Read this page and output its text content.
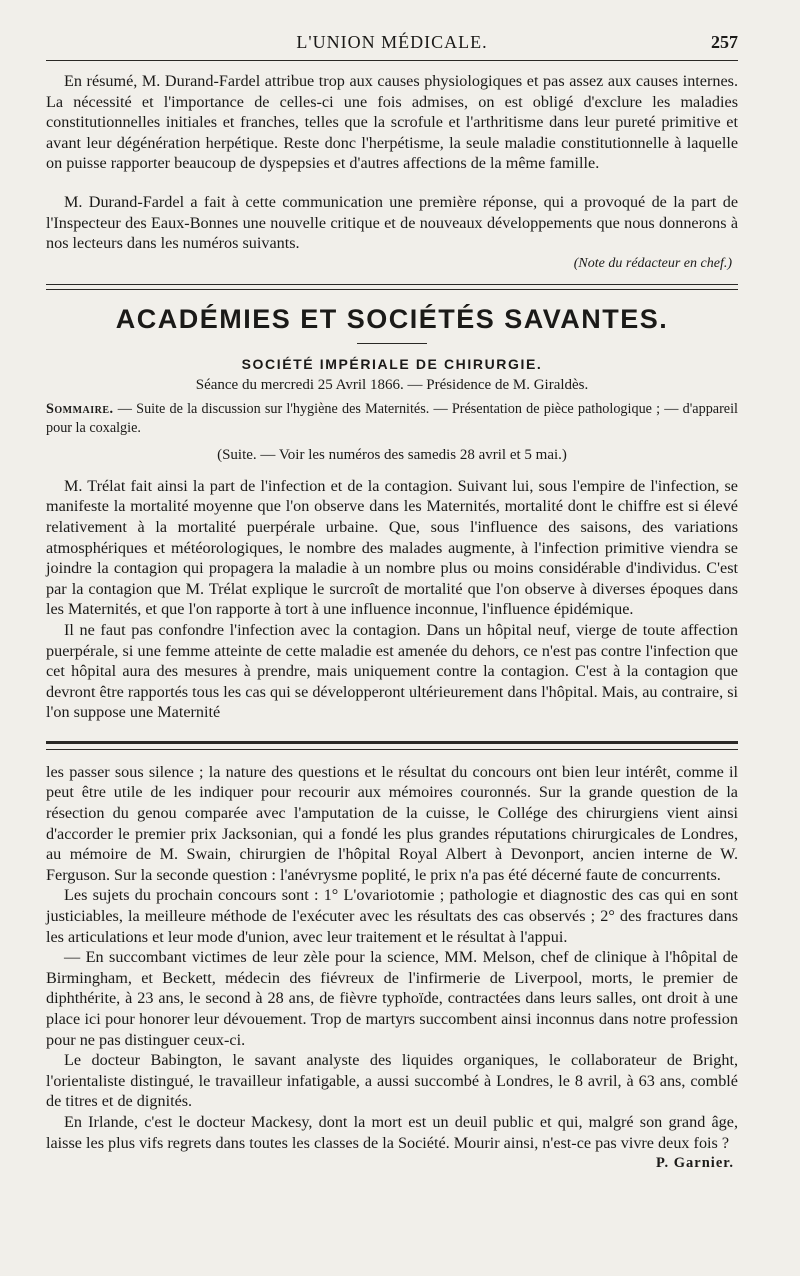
L'UNION MÉDICALE.	257

En résumé, M. Durand-Fardel attribue trop aux causes physiologiques et pas assez aux causes internes. La nécessité et l'importance de celles-ci une fois admises, on est obligé d'exclure les maladies constitutionnelles initiales et franches, telles que la scrofule et l'arthritisme dans leur pureté primitive et avant leur dégénération herpétique. Reste donc l'herpétisme, la seule maladie constitutionnelle à laquelle on puisse rapporter beaucoup de dyspepsies et d'autres affections de la même famille.

M. Durand-Fardel a fait à cette communication une première réponse, qui a provoqué de la part de l'Inspecteur des Eaux-Bonnes une nouvelle critique et de nouveaux développements que nous donnerons à nos lecteurs dans les numéros suivants.

(Note du rédacteur en chef.)

ACADÉMIES ET SOCIÉTÉS SAVANTES.
SOCIÉTÉ IMPÉRIALE DE CHIRURGIE.
Séance du mercredi 25 Avril 1866. — Présidence de M. Giraldès.

Sommaire. — Suite de la discussion sur l'hygiène des Maternités. — Présentation de pièce pathologique ; — d'appareil pour la coxalgie.

(Suite. — Voir les numéros des samedis 28 avril et 5 mai.)

M. Trélat fait ainsi la part de l'infection et de la contagion. Suivant lui, sous l'empire de l'infection, se manifeste la mortalité moyenne que l'on observe dans les Maternités, mortalité dont le chiffre est si élevé relativement à la mortalité puerpérale urbaine. Que, sous l'influence des saisons, des variations atmosphériques et météorologiques, le nombre des malades augmente, à l'infection primitive viendra se joindre la contagion qui propagera la maladie à un nombre plus ou moins considérable d'individus. C'est par la contagion que M. Trélat explique le surcroît de mortalité que l'on observe à diverses époques dans les Maternités, et que l'on rapporte à tort à une influence inconnue, l'influence épidémique.

Il ne faut pas confondre l'infection avec la contagion. Dans un hôpital neuf, vierge de toute affection puerpérale, si une femme atteinte de cette maladie est amenée du dehors, ce n'est pas contre l'infection que cet hôpital aura des mesures à prendre, mais uniquement contre la contagion. C'est à la contagion que devront être rapportés tous les cas qui se développeront ultérieurement dans l'hôpital. Mais, au contraire, si l'on suppose une Maternité

les passer sous silence ; la nature des questions et le résultat du concours ont bien leur intérêt, comme il peut être utile de les indiquer pour recourir aux mémoires couronnés. Sur la grande question de la résection du genou comparée avec l'amputation de la cuisse, le Collége des chirurgiens vient ainsi d'accorder le premier prix Jacksonian, qui a fondé les plus grandes réputations chirurgicales de Londres, au mémoire de M. Swain, chirurgien de l'hôpital Royal Albert à Devonport, ancien interne de W. Ferguson. Sur la seconde question : l'anévrysme poplité, le prix n'a pas été décerné faute de concurrents.

Les sujets du prochain concours sont : 1° L'ovariotomie ; pathologie et diagnostic des cas qui en sont justiciables, la meilleure méthode de l'exécuter avec les résultats des cas observés ; 2° des fractures dans les articulations et leur mode d'union, avec leur traitement et le résultat à l'appui.

— En succombant victimes de leur zèle pour la science, MM. Melson, chef de clinique à l'hôpital de Birmingham, et Beckett, médecin des fiévreux de l'infirmerie de Liverpool, morts, le premier de diphthérite, à 23 ans, le second à 28 ans, de fièvre typhoïde, contractées dans leurs salles, ont droit à une place ici pour honorer leur dévouement. Trop de martyrs succombent ainsi inconnus dans notre profession pour ne pas distinguer ceux-ci.

Le docteur Babington, le savant analyste des liquides organiques, le collaborateur de Bright, l'orientaliste distingué, le travailleur infatigable, a aussi succombé à Londres, le 8 avril, à 63 ans, comblé de titres et de dignités.

En Irlande, c'est le docteur Mackesy, dont la mort est un deuil public et qui, malgré son grand âge, laisse les plus vifs regrets dans toutes les classes de la Société. Mourir ainsi, n'est-ce pas vivre deux fois ?

P. Garnier.
